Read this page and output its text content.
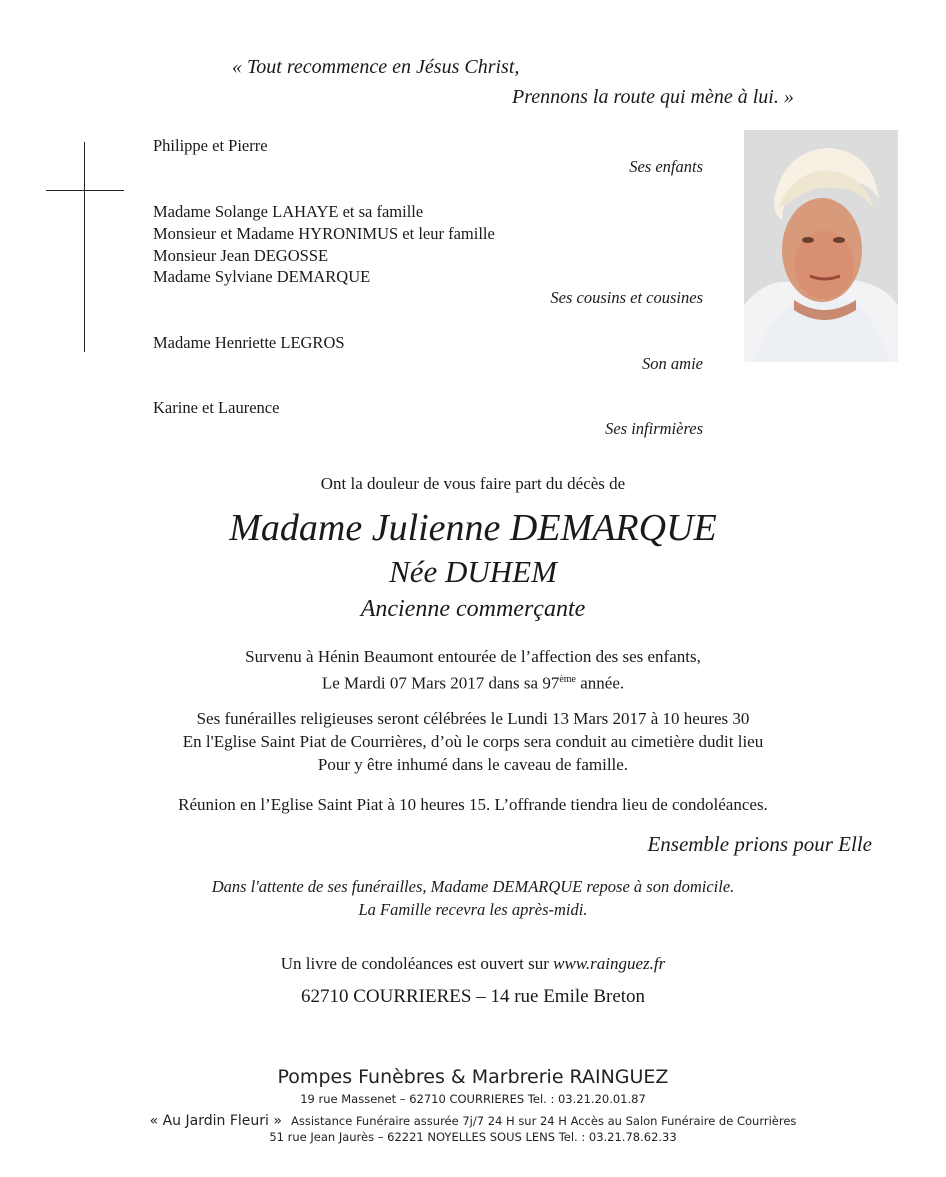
« Tout recommence en Jésus Christ,
Prennons la route qui mène à lui. »
Philippe et Pierre
Ses enfants
Madame Solange LAHAYE et sa famille
Monsieur et Madame HYRONIMUS et leur famille
Monsieur Jean DEGOSSE
Madame Sylviane DEMARQUE
Ses cousins et cousines
Madame Henriette LEGROS
Son amie
Karine et Laurence
Ses infirmières
Ont la douleur de vous faire part du décès de
Madame Julienne DEMARQUE
Née DUHEM
Ancienne commerçante
Survenu à Hénin Beaumont entourée de l’affection des ses enfants,
Le Mardi 07 Mars 2017 dans sa 97ème année.
Ses funérailles religieuses seront célébrées le Lundi 13 Mars 2017 à 10 heures 30
En l'Eglise Saint Piat de Courrières, d’où le corps sera conduit au cimetière dudit lieu
Pour y être inhumé dans le caveau de famille.
Réunion en l’Eglise Saint Piat à 10 heures 15. L’offrande tiendra lieu de condoléances.
Ensemble prions pour Elle
Dans l'attente de ses funérailles, Madame DEMARQUE repose à son domicile.
La Famille recevra les après-midi.
Un livre de condoléances est ouvert sur www.rainguez.fr
62710 COURRIERES – 14 rue Emile Breton
Pompes Funèbres & Marbrerie RAINGUEZ
19 rue Massenet – 62710 COURRIERES Tel. : 03.21.20.01.87
« Au Jardin Fleuri » Assistance Funéraire assurée 7j/7 24 H sur 24 H Accès au Salon Funéraire de Courrières
51 rue Jean Jaurès – 62221 NOYELLES SOUS LENS Tel. : 03.21.78.62.33
